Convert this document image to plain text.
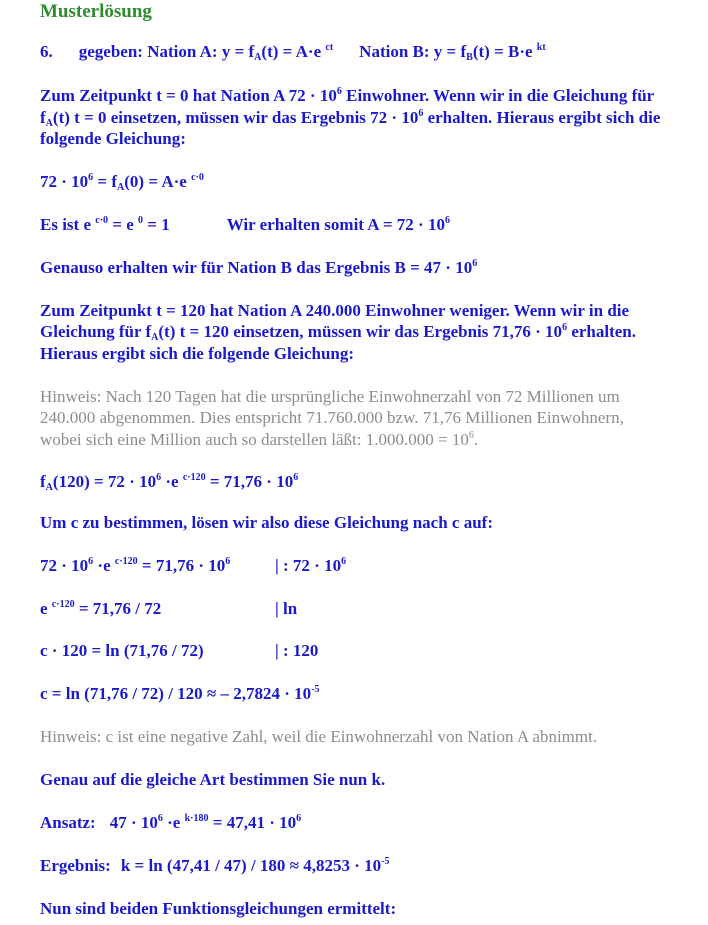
Musterlösung
6. gegeben: Nation A: $y = f_A(t) = A\cdot e$ $^{ct}$ Nation B: $y = f_B(t) = B\cdot e$ $^{kt}$
Zum Zeitpunkt t = 0 hat Nation A $72 \cdot 10^6$ Einwohner. Wenn wir in die Gleichung für
$f_A(t) t = 0$ einsetzen, müssen wir das Ergebnis $72 \cdot 10^6$ erhalten. Hieraus ergibt sich die
folgende Gleichung:
$72 \cdot 10^6 = f_A(0) = A\cdot e$ $^{c\cdot 0}$
Es ist e $^{c\cdot 0}$ = e $^0$ = 1	Wir erhalten somit $A = 72 \cdot 10^6$
Genauso erhalten wir für Nation B das Ergebnis $B = 47 \cdot 10^6$
Zum Zeitpunkt t = 120 hat Nation A 240.000 Einwohner weniger. Wenn wir in die
Gleichung für $f_A(t) t = 120$ einsetzen, müssen wir das Ergebnis $71,76 \cdot 10^6$ erhalten.
Hieraus ergibt sich die folgende Gleichung:
Hinweis: Nach 120 Tagen hat die ursprüngliche Einwohnerzahl von 72 Millionen um
240.000 abgenommen. Dies entspricht 71.760.000 bzw. 71,76 Millionen Einwohnern,
wobei sich eine Million auch so darstellen läßt: $1.000.000 = 10^6$.
$f_A(120) = 72 \cdot 10^6 \cdot e$ $^{c\cdot 120} = 71,76 \cdot 10^6$
Um c zu bestimmen, lösen wir also diese Gleichung nach c auf:
$72 \cdot 10^6 \cdot e$ $^{c\cdot 120} = 71,76 \cdot 10^6$	| : $72 \cdot 10^6$
e $^{c\cdot 120}$ = 71,76 / 72	| ln
c · 120 = ln (71,76 / 72)	| : 120
c = ln (71,76 / 72) / 120 ≈ – $2,7824 \cdot 10^{-5}$
Hinweis: c ist eine negative Zahl, weil die Einwohnerzahl von Nation A abnimmt.
Genau auf die gleiche Art bestimmen Sie nun k.
Ansatz: $47 \cdot 10^6 \cdot e$ $^{k\cdot 180} = 47,41 \cdot 10^6$
Ergebnis: $k = \ln (47,41 / 47) / 180 \approx 4,8253 \cdot 10^{-5}$
Nun sind beiden Funktionsgleichungen ermittelt:
